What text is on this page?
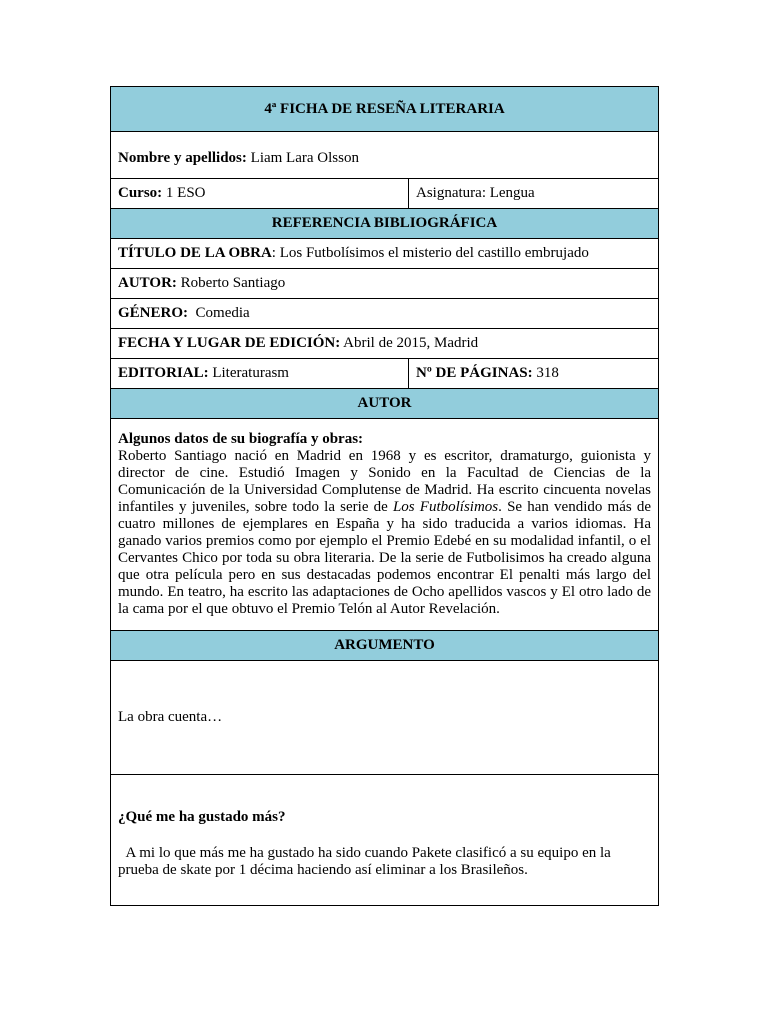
4ª FICHA DE RESEÑA LITERARIA	
Nombre y apellidos: Liam Lara Olsson	
Curso: 1 ESO	Asignatura: Lengua
REFERENCIA BIBLIOGRÁFICA	
TÍTULO DE LA OBRA: Los Futbolísimos el misterio del castillo embrujado	
AUTOR: Roberto Santiago	
GÉNERO:  Comedia	
FECHA Y LUGAR DE EDICIÓN: Abril de 2015, Madrid	
EDITORIAL: Literaturasm	Nº DE PÁGINAS: 318
AUTOR	

Algunos datos de su biografía y obras:
Roberto Santiago nació en Madrid en 1968 y es escritor, dramaturgo, guionista y director de cine. Estudió Imagen y Sonido en la Facultad de Ciencias de la Comunicación de la Universidad Complutense de Madrid. Ha escrito cincuenta novelas infantiles y juveniles, sobre todo la serie de Los Futbolísimos. Se han vendido más de cuatro millones de ejemplares en España y ha sido traducida a varios idiomas. Ha ganado varios premios como por ejemplo el Premio Edebé en su modalidad infantil, o el Cervantes Chico por toda su obra literaria. De la serie de Futbolisimos ha creado alguna que otra película pero en sus destacadas podemos encontrar El penalti más largo del mundo. En teatro, ha escrito las adaptaciones de Ocho apellidos vascos y El otro lado de la cama por el que obtuvo el Premio Telón al Autor Revelación.	

ARGUMENTO	
La obra cuenta…	

¿Qué me ha gustado más?
A mi lo que más me ha gustado ha sido cuando Pakete clasificó a su equipo en la prueba de skate por 1 décima haciendo así eliminar a los Brasileños.	
